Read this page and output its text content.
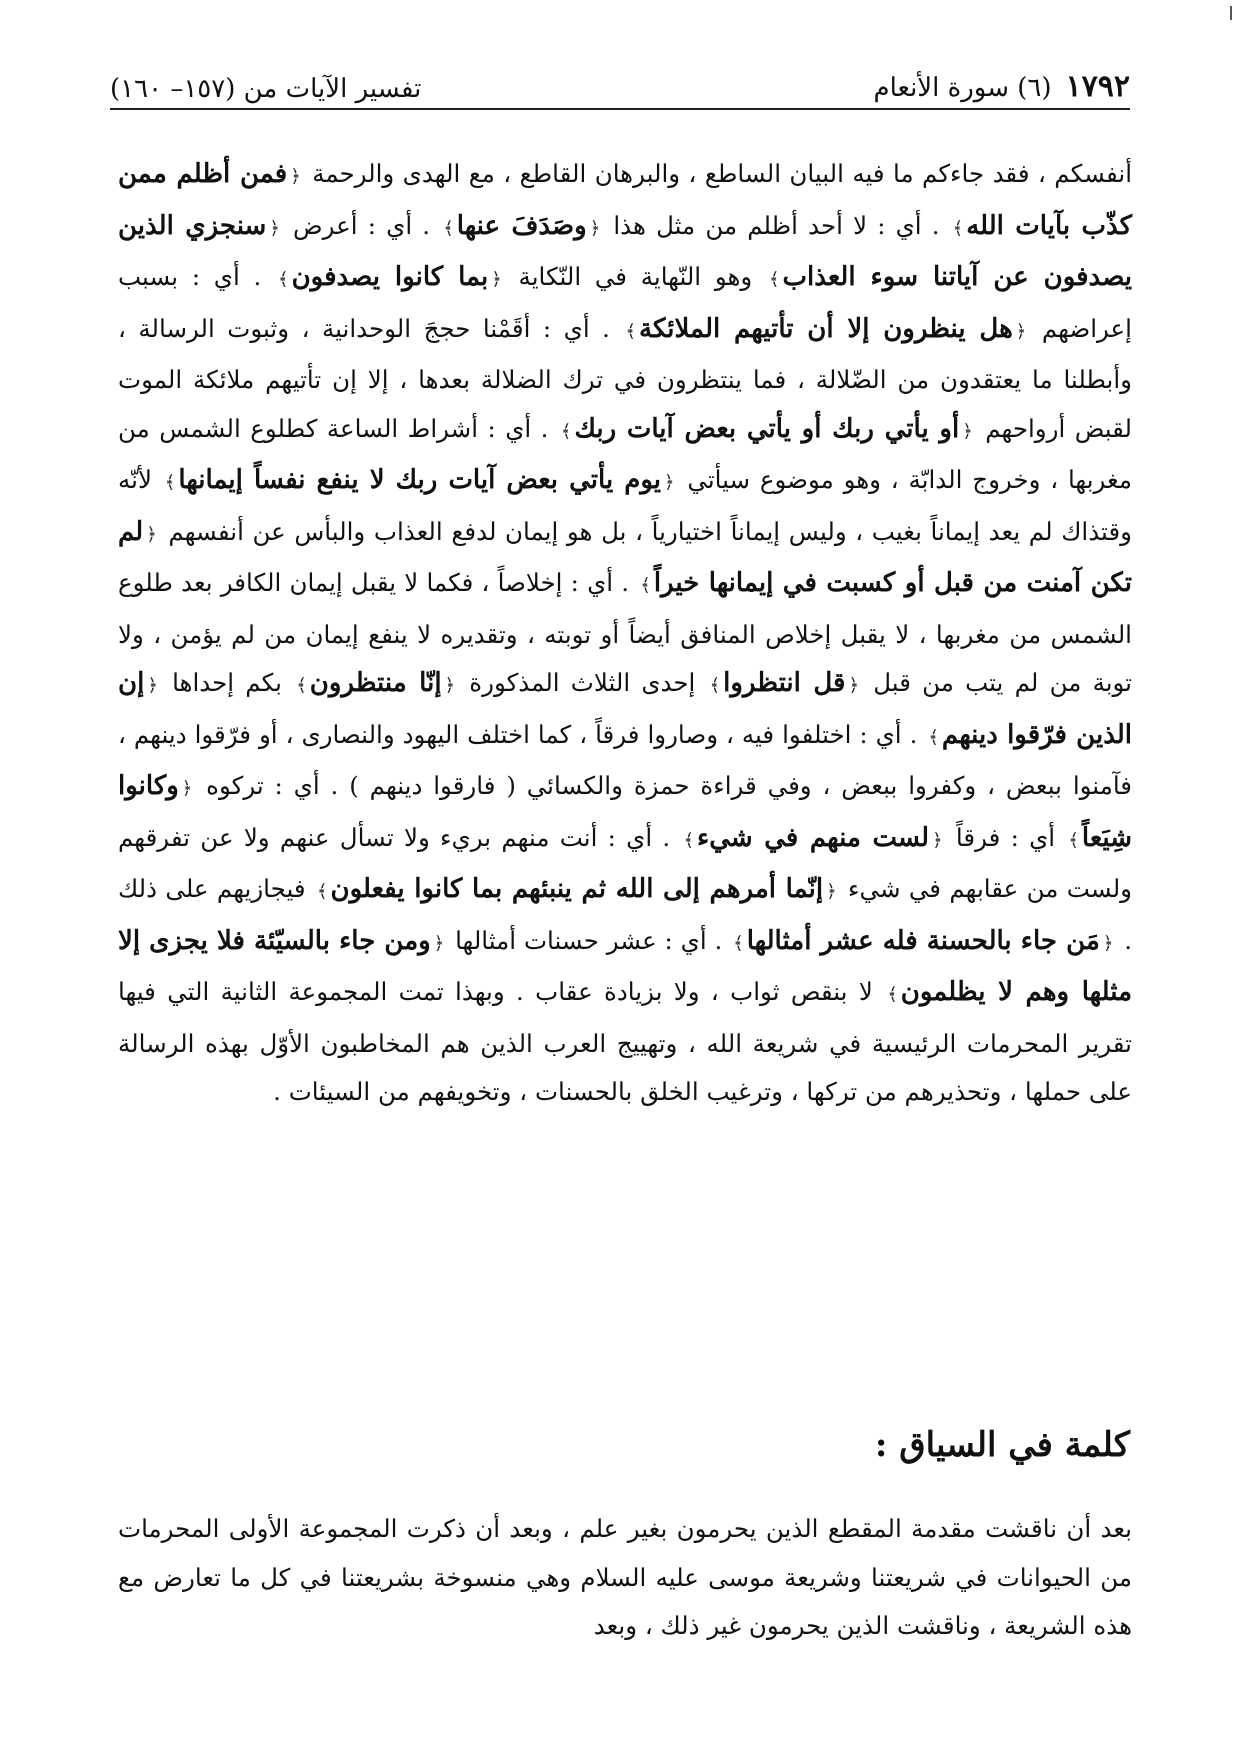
١٧٩٢
(٦) سورة الأنعام
تفسير الآيات من (١٥٧– ١٦٠)

أنفسكم ، فقد جاءكم ما فيه البيان الساطع ، والبرهان القاطع ، مع الهدى والرحمة ﴿فمن أظلم ممن كذّب بآيات الله﴾ . أي : لا أحد أظلم من مثل هذا ﴿وصَدَفَ عنها﴾ . أي : أعرض ﴿سنجزي الذين يصدفون عن آياتنا سوء العذاب﴾ وهو النّهاية في النّكاية ﴿بما كانوا يصدفون﴾ . أي : بسبب إعراضهم ﴿هل ينظرون إلا أن تأتيهم الملائكة﴾ . أي : أقَمْنا حججَ الوحدانية ، وثبوت الرسالة ، وأبطلنا ما يعتقدون من الضّلالة ، فما ينتظرون في ترك الضلالة بعدها ، إلا إن تأتيهم ملائكة الموت لقبض أرواحهم ﴿أو يأتي ربك أو يأتي بعض آيات ربك﴾ . أي : أشراط الساعة كطلوع الشمس من مغربها ، وخروج الدابّة ، وهو موضوع سيأتي ﴿يوم يأتي بعض آيات ربك لا ينفع نفساً إيمانها﴾ لأنّه وقتذاك لم يعد إيماناً بغيب ، وليس إيماناً اختيارياً ، بل هو إيمان لدفع العذاب والبأس عن أنفسهم ﴿لم تكن آمنت من قبل أو كسبت في إيمانها خيراً﴾ . أي : إخلاصاً ، فكما لا يقبل إيمان الكافر بعد طلوع الشمس من مغربها ، لا يقبل إخلاص المنافق أيضاً أو توبته ، وتقديره لا ينفع إيمان من لم يؤمن ، ولا توبة من لم يتب من قبل ﴿قل انتظروا﴾ إحدى الثلاث المذكورة ﴿إنّا منتظرون﴾ بكم إحداها ﴿إن الذين فرّقوا دينهم﴾ . أي : اختلفوا فيه ، وصاروا فرقاً ، كما اختلف اليهود والنصارى ، أو فرّقوا دينهم ، فآمنوا ببعض ، وكفروا ببعض ، وفي قراءة حمزة والكسائي ( فارقوا دينهم ) . أي : تركوه ﴿وكانوا شِيَعاً﴾ أي : فرقاً ﴿لست منهم في شيء﴾ . أي : أنت منهم بريء ولا تسأل عنهم ولا عن تفرقهم ولست من عقابهم في شيء ﴿إنّما أمرهم إلى الله ثم ينبئهم بما كانوا يفعلون﴾ فيجازيهم على ذلك . ﴿مَن جاء بالحسنة فله عشر أمثالها﴾ . أي : عشر حسنات أمثالها ﴿ومن جاء بالسيّئة فلا يجزى إلا مثلها وهم لا يظلمون﴾ لا بنقص ثواب ، ولا بزيادة عقاب . وبهذا تمت المجموعة الثانية التي فيها تقرير المحرمات الرئيسية في شريعة الله ، وتهييج العرب الذين هم المخاطبون الأوّل بهذه الرسالة على حملها ، وتحذيرهم من تركها ، وترغيب الخلق بالحسنات ، وتخويفهم من السيئات .

كلمة في السياق :

بعد أن ناقشت مقدمة المقطع الذين يحرمون بغير علم ، وبعد أن ذكرت المجموعة الأولى المحرمات من الحيوانات في شريعتنا وشريعة موسى عليه السلام وهي منسوخة بشريعتنا في كل ما تعارض مع هذه الشريعة ، وناقشت الذين يحرمون غير ذلك ، وبعد
